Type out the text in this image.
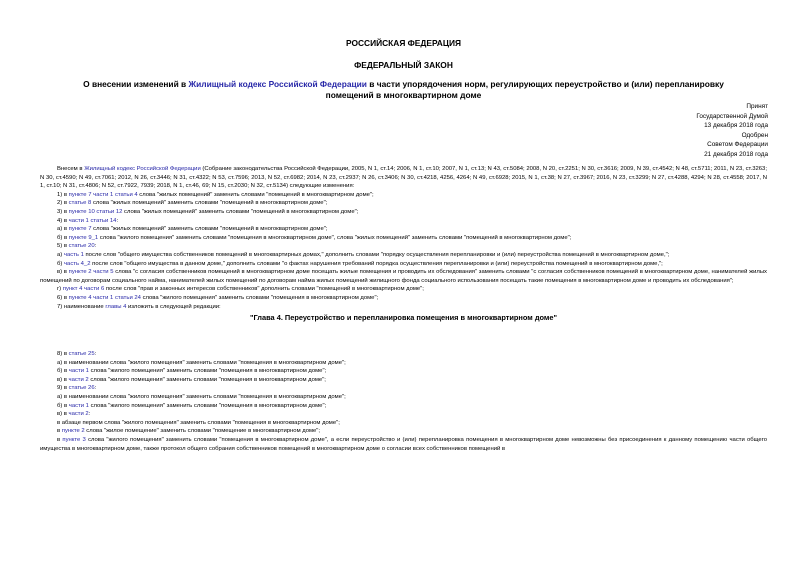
РОССИЙСКАЯ ФЕДЕРАЦИЯ
ФЕДЕРАЛЬНЫЙ ЗАКОН
О внесении изменений в Жилищный кодекс Российской Федерации в части упорядочения норм, регулирующих переустройство и (или) перепланировку помещений в многоквартирном доме
Принят
Государственной Думой
13 декабря 2018 года
Одобрен
Советом Федерации
21 декабря 2018 года

Внесем в Жилищный кодекс Российской Федерации (Собрание законодательства Российской Федерации, 2005, N 1, ст.14; 2006, N 1, ст.10; 2007, N 1, ст.13; N 43, ст.5084; 2008, N 20, ст.2251; N 30, ст.3616; 2009, N 39, ст.4542; N 48, ст.5711; 2011, N 23, ст.3263; N 30, ст.4590; N 49, ст.7061; 2012, N 26, ст.3446; N 31, ст.4322; N 53, ст.7596; 2013, N 52, ст.6982; 2014, N 23, ст.2937; N 26, ст.3406; N 30, ст.4218, 4256, 4264; N 49, ст.6928; 2015, N 1, ст.38; N 27, ст.3967; 2016, N 23, ст.3299; N 27, ст.4288, 4294; N 28, ст.4558; 2017, N 1, ст.10; N 31, ст.4806; N 52, ст.7922, 7939; 2018, N 1, ст.46, 69; N 15, ст.2030; N 32, ст.5134) следующие изменения:

1) в пункте 7 части 1 статьи 4 слова "жилых помещений" заменить словами "помещений в многоквартирном доме";

2) в статье 8 слова "жилых помещений" заменить словами "помещений в многоквартирном доме";

3) в пункте 10 статьи 12 слова "жилых помещений" заменить словами "помещений в многоквартирном доме";

4) в части 1 статьи 14:

а) в пункте 7 слова "жилых помещений" заменить словами "помещений в многоквартирном доме";

б) в пункте 9_1 слова "жилого помещения" заменить словами "помещения в многоквартирном доме", слова "жилых помещений" заменить словами "помещений в многоквартирном доме";

5) в статье 20:

а) часть 1 после слов "общего имущества собственников помещений в многоквартирных домах," дополнить словами "порядку осуществления перепланировки и (или) переустройства помещений в многоквартирном доме,";

б) часть 4_2 после слов "общего имущества в данном доме," дополнить словами "о фактах нарушения требований порядка осуществления перепланировки и (или) переустройства помещений в многоквартирном доме,";

в) в пункте 2 части 5 слова "с согласия собственников помещений в многоквартирном доме посещать жилые помещения и проводить их обследования" заменить словами "с согласия собственников помещений в многоквартирном доме, нанимателей жилых помещений по договорам социального найма, нанимателей жилых помещений по договорам найма жилых помещений жилищного фонда социального использования посещать такие помещения в многоквартирном доме и проводить их обследования";

г) пункт 4 части 6 после слов "прав и законных интересов собственников" дополнить словами "помещений в многоквартирном доме";

6) в пункте 4 части 1 статьи 24 слова "жилого помещения" заменить словами "помещения в многоквартирном доме";

7) наименование главы 4 изложить в следующей редакции:

"Глава 4. Переустройство и перепланировка помещения в многоквартирном доме"

8) в статье 25:

а) в наименовании слова "жилого помещения" заменить словами "помещения в многоквартирном доме";

б) в части 1 слова "жилого помещения" заменить словами "помещения в многоквартирном доме";

в) в части 2 слова "жилого помещения" заменить словами "помещения в многоквартирном доме";

9) в статье 26:

а) в наименовании слова "жилого помещения" заменить словами "помещения в многоквартирном доме";

б) в части 1 слова "жилого помещения" заменить словами "помещения в многоквартирном доме";

в) в части 2:

в абзаце первом слова "жилого помещения" заменить словами "помещения в многоквартирном доме";

в пункте 2 слова "жилое помещение" заменить словами "помещение в многоквартирном доме";

в пункте 3 слова "жилого помещения" заменить словами "помещения в многоквартирном доме", а если переустройство и (или) перепланировка помещения в многоквартирном доме невозможны без присоединения к данному помещению части общего имущества в многоквартирном доме, также протокол общего собрания собственников помещений в многоквартирном доме о согласии всех собственников помещений в
